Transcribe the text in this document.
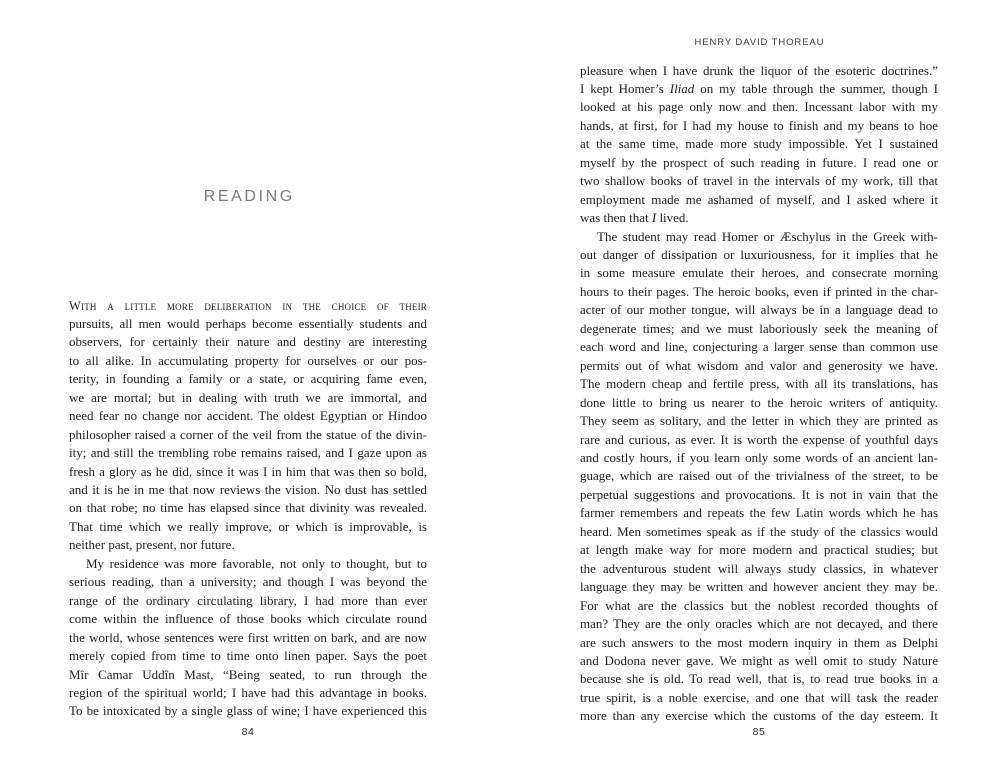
READING
With a little more deliberation in the choice of their
pursuits, all men would perhaps become essentially students and
observers, for certainly their nature and destiny are interesting
to all alike. In accumulating property for ourselves or our pos-
terity, in founding a family or a state, or acquiring fame even,
we are mortal; but in dealing with truth we are immortal, and
need fear no change nor accident. The oldest Egyptian or Hindoo
philosopher raised a corner of the veil from the statue of the divin-
ity; and still the trembling robe remains raised, and I gaze upon as
fresh a glory as he did, since it was I in him that was then so bold,
and it is he in me that now reviews the vision. No dust has settled
on that robe; no time has elapsed since that divinity was revealed.
That time which we really improve, or which is improvable, is
neither past, present, nor future.
My residence was more favorable, not only to thought, but to
serious reading, than a university; and though I was beyond the
range of the ordinary circulating library, I had more than ever
come within the influence of those books which circulate round
the world, whose sentences were first written on bark, and are now
merely copied from time to time onto linen paper. Says the poet
Mîr Camar Uddîn Mast, “Being seated, to run through the
region of the spiritual world; I have had this advantage in books.
To be intoxicated by a single glass of wine; I have experienced this
84
HENRY DAVID THOREAU
pleasure when I have drunk the liquor of the esoteric doctrines.”
I kept Homer’s Iliad on my table through the summer, though I
looked at his page only now and then. Incessant labor with my
hands, at first, for I had my house to finish and my beans to hoe
at the same time, made more study impossible. Yet I sustained
myself by the prospect of such reading in future. I read one or
two shallow books of travel in the intervals of my work, till that
employment made me ashamed of myself, and I asked where it
was then that I lived.
The student may read Homer or Æschylus in the Greek with-
out danger of dissipation or luxuriousness, for it implies that he
in some measure emulate their heroes, and consecrate morning
hours to their pages. The heroic books, even if printed in the char-
acter of our mother tongue, will always be in a language dead to
degenerate times; and we must laboriously seek the meaning of
each word and line, conjecturing a larger sense than common use
permits out of what wisdom and valor and generosity we have.
The modern cheap and fertile press, with all its translations, has
done little to bring us nearer to the heroic writers of antiquity.
They seem as solitary, and the letter in which they are printed as
rare and curious, as ever. It is worth the expense of youthful days
and costly hours, if you learn only some words of an ancient lan-
guage, which are raised out of the trivialness of the street, to be
perpetual suggestions and provocations. It is not in vain that the
farmer remembers and repeats the few Latin words which he has
heard. Men sometimes speak as if the study of the classics would
at length make way for more modern and practical studies; but
the adventurous student will always study classics, in whatever
language they may be written and however ancient they may be.
For what are the classics but the noblest recorded thoughts of
man? They are the only oracles which are not decayed, and there
are such answers to the most modern inquiry in them as Delphi
and Dodona never gave. We might as well omit to study Nature
because she is old. To read well, that is, to read true books in a
true spirit, is a noble exercise, and one that will task the reader
more than any exercise which the customs of the day esteem. It
85
